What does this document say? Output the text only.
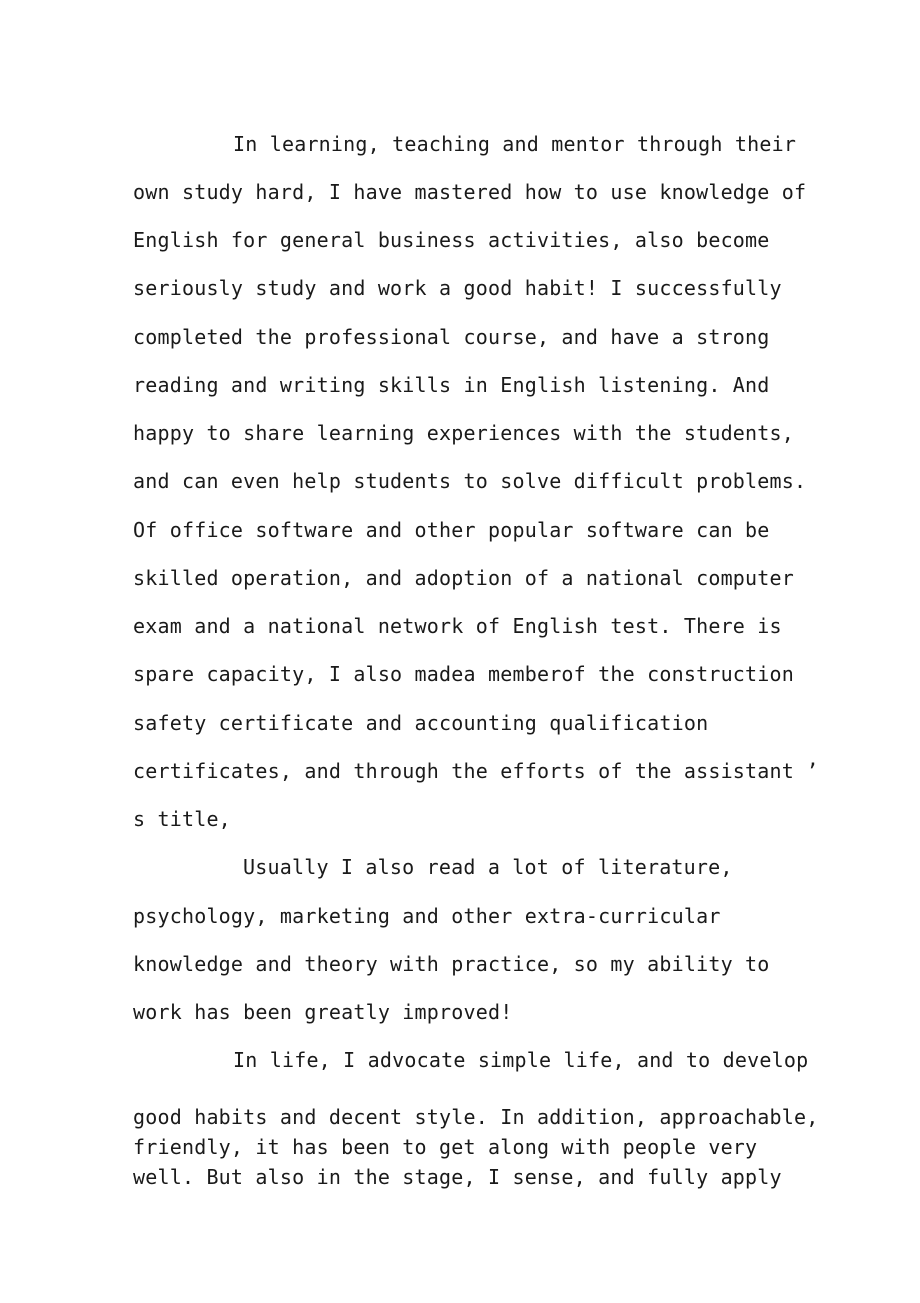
In learning, teaching and mentor through their
own study hard, I have mastered how to use knowledge of
English for general business activities, also become
seriously study and work a good habit! I successfully
completed the professional course, and have a strong
reading and writing skills in English listening. And
happy to share learning experiences with the students,
and can even help students to solve difficult problems.
Of office software and other popular software can be
skilled operation, and adoption of a national computer
exam and a national network of English test. There is
spare capacity, I also madea memberof the construction
safety certificate and accounting qualification
certificates, and through the efforts of the assistant ’
s title,
Usually I also read a lot of literature,
psychology, marketing and other extra-curricular
knowledge and theory with practice, so my ability to
work has been greatly improved!
In life, I advocate simple life, and to develop
good habits and decent style. In addition, approachable,
friendly, it has been to get along with people very
well. But also in the stage, I sense, and fully apply
